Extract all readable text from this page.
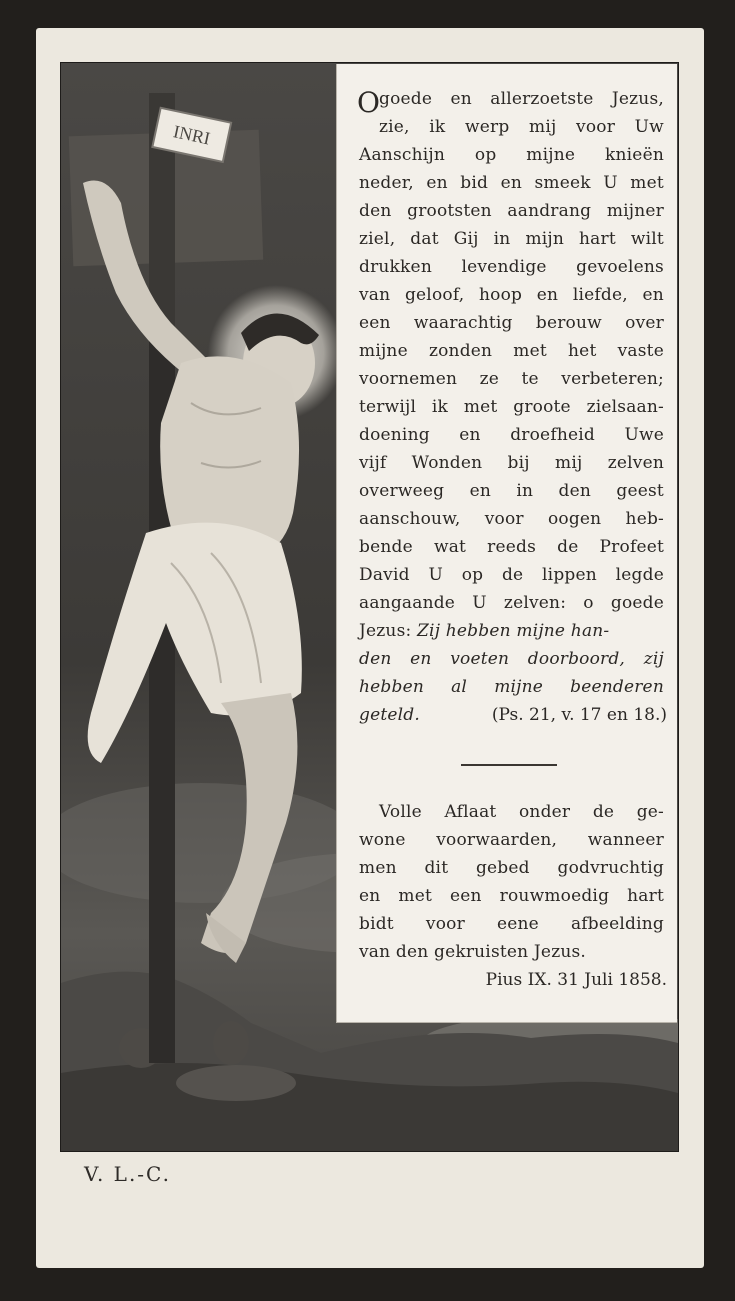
INRI
O goede en allerzoetste Jezus,
zie, ik werp mij voor Uw
Aanschijn op mijne knieën
neder, en bid en smeek U met
den grootsten aandrang mijner
ziel, dat Gij in mijn hart wilt
drukken levendige gevoelens
van geloof, hoop en liefde, en
een waarachtig berouw over
mijne zonden met het vaste
voornemen ze te verbeteren;
terwijl ik met groote zielsaan-
doening en droefheid Uwe
vijf Wonden bij mij zelven
overweeg en in den geest
aanschouw, voor oogen heb-
bende wat reeds de Profeet
David U op de lippen legde
aangaande U zelven: o goede
Jezus: Zij hebben mijne han-
den en voeten doorboord, zij
hebben al mijne beenderen
geteld.	(Ps. 21, v. 17 en 18.)
Volle Aflaat onder de ge-
wone voorwaarden, wanneer
men dit gebed godvruchtig
en met een rouwmoedig hart
bidt voor eene afbeelding
van den gekruisten Jezus.
Pius IX. 31 Juli 1858.
V. L.-C.
